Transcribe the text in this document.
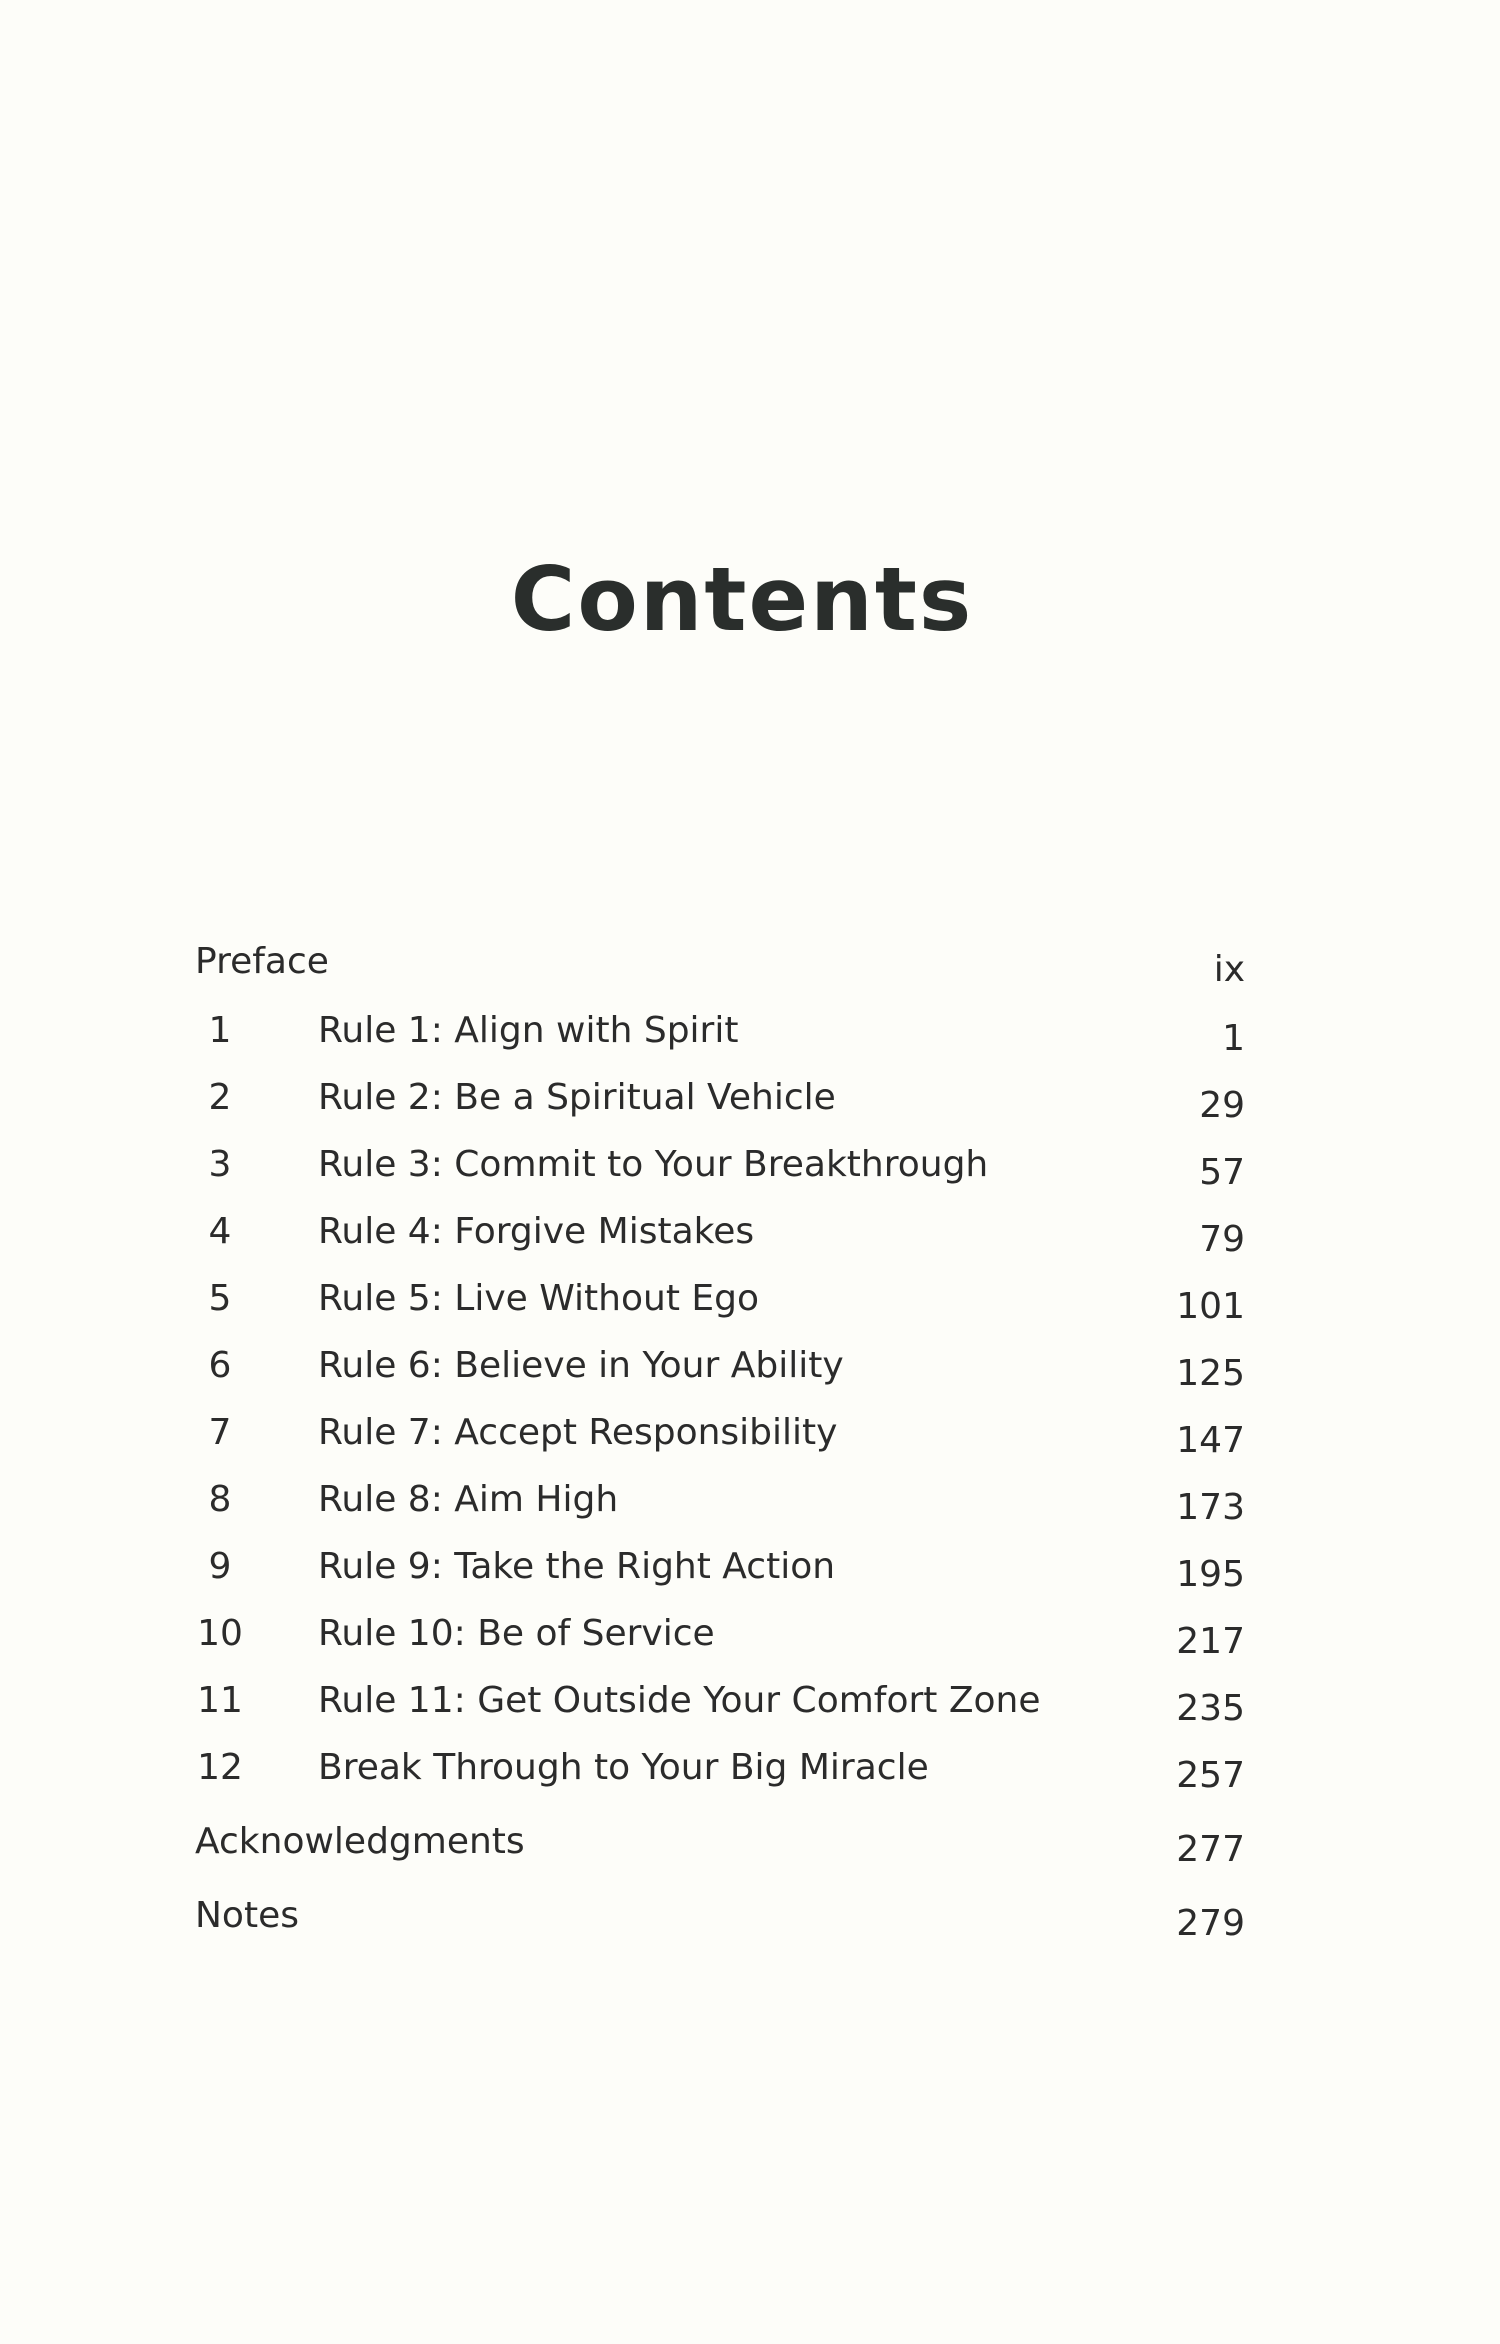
Contents
Preface	ix
1	Rule 1: Align with Spirit	1
2	Rule 2: Be a Spiritual Vehicle	29
3	Rule 3: Commit to Your Breakthrough	57
4	Rule 4: Forgive Mistakes	79
5	Rule 5: Live Without Ego	101
6	Rule 6: Believe in Your Ability	125
7	Rule 7: Accept Responsibility	147
8	Rule 8: Aim High	173
9	Rule 9: Take the Right Action	195
10	Rule 10: Be of Service	217
11	Rule 11: Get Outside Your Comfort Zone	235
12	Break Through to Your Big Miracle	257
Acknowledgments	277
Notes	279
